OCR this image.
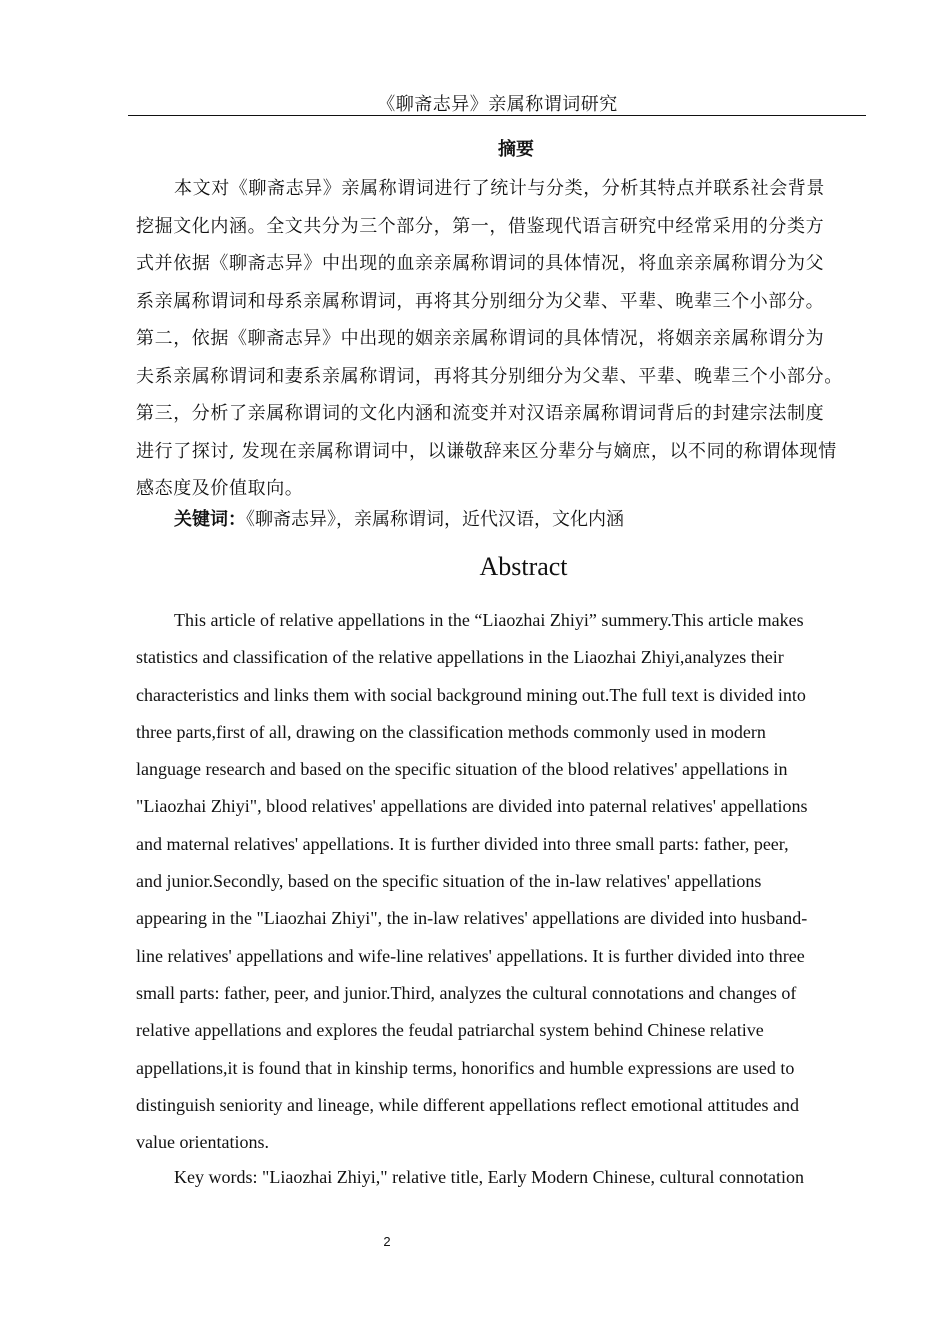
《聊斋志异》亲属称谓词研究
摘要
本文对《聊斋志异》亲属称谓词进行了统计与分类，分析其特点并联系社会背景
挖掘文化内涵。全文共分为三个部分，第一，借鉴现代语言研究中经常采用的分类方
式并依据《聊斋志异》中出现的血亲亲属称谓词的具体情况，将血亲亲属称谓分为父
系亲属称谓词和母系亲属称谓词，再将其分别细分为父辈、平辈、晚辈三个小部分。
第二，依据《聊斋志异》中出现的姻亲亲属称谓词的具体情况，将姻亲亲属称谓分为
夫系亲属称谓词和妻系亲属称谓词，再将其分别细分为父辈、平辈、晚辈三个小部分。
第三，分析了亲属称谓词的文化内涵和流变并对汉语亲属称谓词背后的封建宗法制度
进行了探讨, 发现在亲属称谓词中，以谦敬辞来区分辈分与嫡庶，以不同的称谓体现情
感态度及价值取向。
关键词：《聊斋志异》，亲属称谓词，近代汉语，文化内涵
Abstract
This article of relative appellations in the “Liaozhai Zhiyi” summery.This article makes
statistics and classification of the relative appellations in the Liaozhai Zhiyi,analyzes their
characteristics and links them with social background mining out.The full text is divided into
three parts,first of all, drawing on the classification methods commonly used in modern
language research and based on the specific situation of the blood relatives' appellations in
"Liaozhai Zhiyi", blood relatives' appellations are divided into paternal relatives' appellations
and maternal relatives' appellations. It is further divided into three small parts: father, peer,
and junior.Secondly, based on the specific situation of the in-law relatives' appellations
appearing in the "Liaozhai Zhiyi", the in-law relatives' appellations are divided into husband-
line relatives' appellations and wife-line relatives' appellations. It is further divided into three
small parts: father, peer, and junior.Third, analyzes the cultural connotations and changes of
relative appellations and explores the feudal patriarchal system behind Chinese relative
appellations,it is found that in kinship terms, honorifics and humble expressions are used to
distinguish seniority and lineage, while different appellations reflect emotional attitudes and
value orientations.
Key words: "Liaozhai Zhiyi," relative title, Early Modern Chinese, cultural connotation
2
